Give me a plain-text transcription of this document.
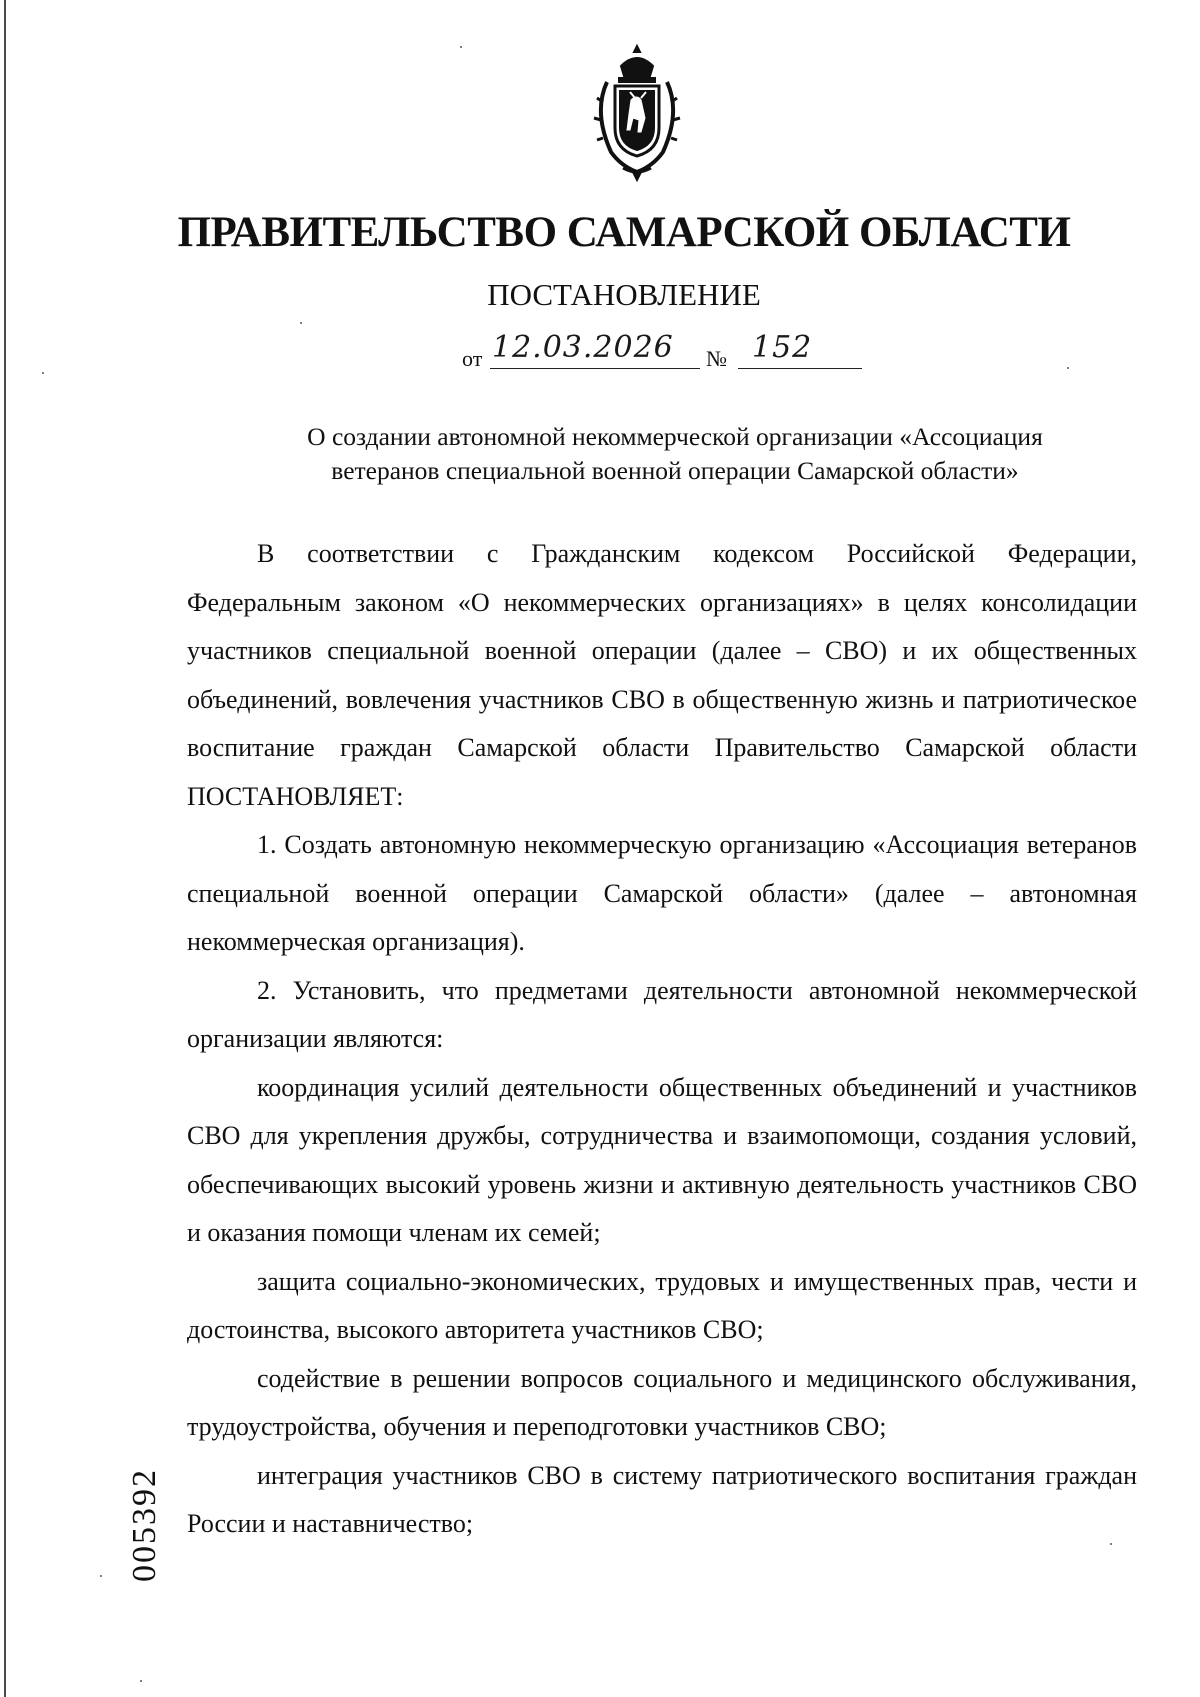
ПРАВИТЕЛЬСТВО САМАРСКОЙ ОБЛАСТИ
ПОСТАНОВЛЕНИЕ
от 12.03.2026 № 152
О создании автономной некоммерческой организации «Ассоциация
ветеранов специальной военной операции Самарской области»

В соответствии с Гражданским кодексом Российской Федерации, Федеральным законом «О некоммерческих организациях» в целях консолидации участников специальной военной операции (далее – СВО) и их общественных объединений, вовлечения участников СВО в общественную жизнь и патриотическое воспитание граждан Самарской области Правительство Самарской области ПОСТАНОВЛЯЕТ:

1. Создать автономную некоммерческую организацию «Ассоциация ветеранов специальной военной операции Самарской области» (далее – автономная некоммерческая организация).

2. Установить, что предметами деятельности автономной некоммерческой организации являются:

координация усилий деятельности общественных объединений и участников СВО для укрепления дружбы, сотрудничества и взаимопомощи, создания условий, обеспечивающих высокий уровень жизни и активную деятельность участников СВО и оказания помощи членам их семей;

защита социально-экономических, трудовых и имущественных прав, чести и достоинства, высокого авторитета участников СВО;

содействие в решении вопросов социального и медицинского обслуживания, трудоустройства, обучения и переподготовки участников СВО;

интеграция участников СВО в систему патриотического воспитания граждан России и наставничество;

005392
